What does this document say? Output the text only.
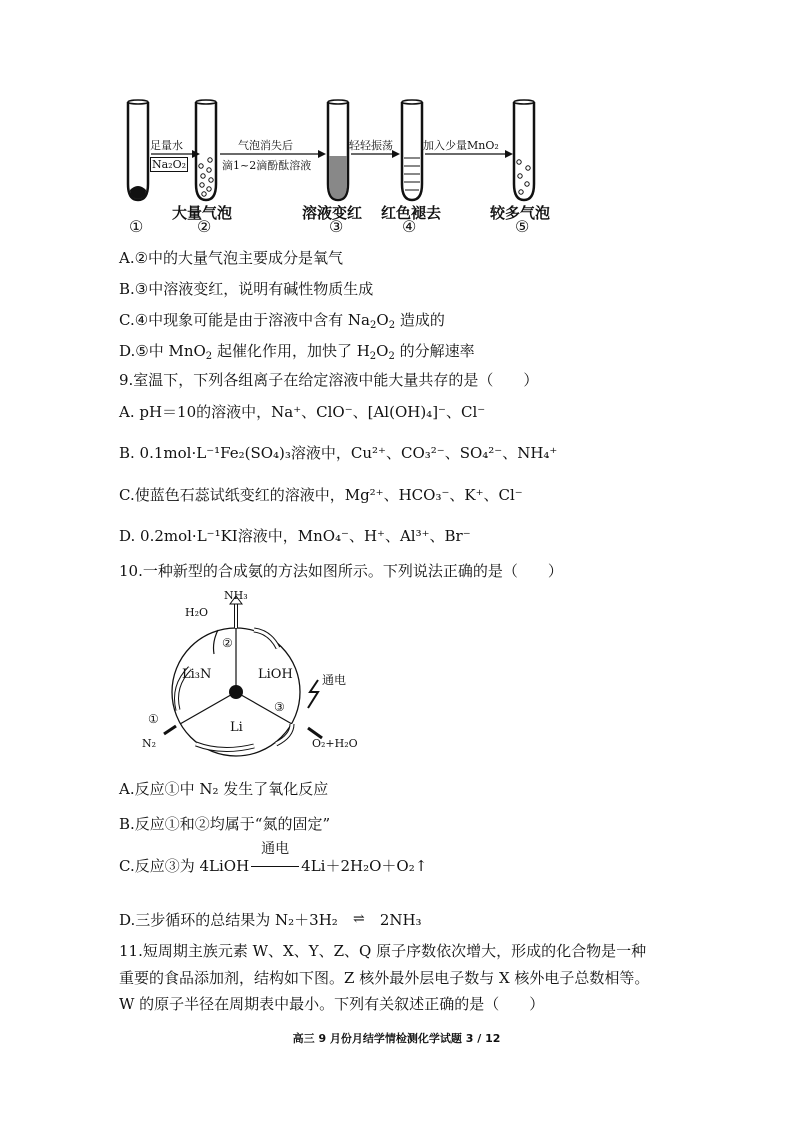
足量水
Na₂O₂
气泡消失后
滴1~2滴酚酞溶液
轻轻振荡	加入少量MnO₂
大量气泡	溶液变红 红色褪去	较多气泡
①	②	③	④	⑤
A.②中的大量气泡主要成分是氧气
B.③中溶液变红，说明有碱性物质生成
C.④中现象可能是由于溶液中含有 $Na_2O_2$ 造成的
D.⑤中 MnO$_2$ 起催化作用，加快了 $H_2O_2$ 的分解速率
9.室温下，下列各组离子在给定溶液中能大量共存的是（　　）
A. pH＝10的溶液中，Na⁺、ClO⁻、[Al(OH)₄]⁻、Cl⁻
B. 0.1mol·L⁻¹Fe₂(SO₄)₃溶液中，Cu²⁺、CO₃²⁻、SO₄²⁻、NH₄⁺
C.使蓝色石蕊试纸变红的溶液中，Mg²⁺、HCO₃⁻、K⁺、Cl⁻
D. 0.2mol·L⁻¹KI溶液中，MnO₄⁻、H⁺、Al³⁺、Br⁻
10.一种新型的合成氨的方法如图所示。下列说法正确的是（　　）
NH₃
H₂O
②
Li₃N	LiOH 通电
Li
①
③
N₂	O₂+H₂O
A.反应①中 N₂ 发生了氧化反应
B.反应①和②均属于“氮的固定”
C.反应③为 4LiOH
通电
4Li＋2H₂O＋O₂↑
D.三步循环的总结果为 N₂＋3H₂ ⇌ 2NH₃
11.短周期主族元素 W、X、Y、Z、Q 原子序数依次增大，形成的化合物是一种
重要的食品添加剂，结构如下图。Z 核外最外层电子数与 X 核外电子总数相等。
W 的原子半径在周期表中最小。下列有关叙述正确的是（　　）
高三 9 月份月结学情检测化学试题 3 / 12
